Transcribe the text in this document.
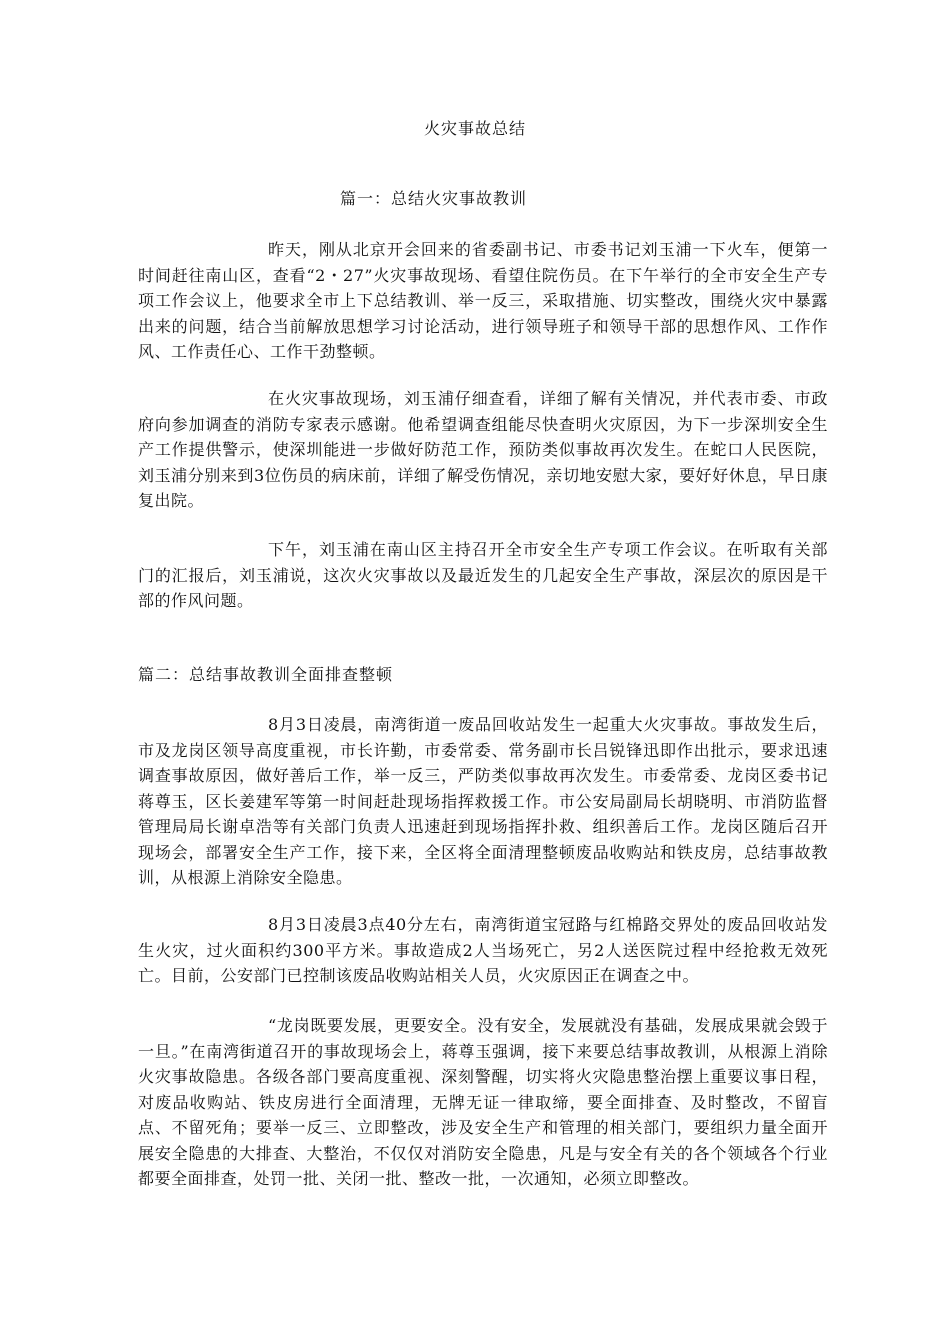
火灾事故总结
篇一：总结火灾事故教训

昨天，刚从北京开会回来的省委副书记、市委书记刘玉浦一下火车，便第一时间赶往南山区，查看“2・27”火灾事故现场、看望住院伤员。在下午举行的全市安全生产专项工作会议上，他要求全市上下总结教训、举一反三，采取措施、切实整改，围绕火灾中暴露出来的问题，结合当前解放思想学习讨论活动，进行领导班子和领导干部的思想作风、工作作风、工作责任心、工作干劲整顿。

在火灾事故现场，刘玉浦仔细查看，详细了解有关情况，并代表市委、市政府向参加调查的消防专家表示感谢。他希望调查组能尽快查明火灾原因，为下一步深圳安全生产工作提供警示，使深圳能进一步做好防范工作，预防类似事故再次发生。在蛇口人民医院，刘玉浦分别来到3位伤员的病床前，详细了解受伤情况，亲切地安慰大家，要好好休息，早日康复出院。

下午，刘玉浦在南山区主持召开全市安全生产专项工作会议。在听取有关部门的汇报后，刘玉浦说，这次火灾事故以及最近发生的几起安全生产事故，深层次的原因是干部的作风问题。

篇二：总结事故教训全面排查整顿

8月3日凌晨，南湾街道一废品回收站发生一起重大火灾事故。事故发生后，市及龙岗区领导高度重视，市长许勤，市委常委、常务副市长吕锐锋迅即作出批示，要求迅速调查事故原因，做好善后工作，举一反三，严防类似事故再次发生。市委常委、龙岗区委书记蒋尊玉，区长姜建军等第一时间赶赴现场指挥救援工作。市公安局副局长胡晓明、市消防监督管理局局长谢卓浩等有关部门负责人迅速赶到现场指挥扑救、组织善后工作。龙岗区随后召开现场会，部署安全生产工作，接下来，全区将全面清理整顿废品收购站和铁皮房，总结事故教训，从根源上消除安全隐患。

8月3日凌晨3点40分左右，南湾街道宝冠路与红棉路交界处的废品回收站发生火灾，过火面积约300平方米。事故造成2人当场死亡，另2人送医院过程中经抢救无效死亡。目前，公安部门已控制该废品收购站相关人员，火灾原因正在调查之中。

“龙岗既要发展，更要安全。没有安全，发展就没有基础，发展成果就会毁于一旦。”在南湾街道召开的事故现场会上，蒋尊玉强调，接下来要总结事故教训，从根源上消除火灾事故隐患。各级各部门要高度重视、深刻警醒，切实将火灾隐患整治摆上重要议事日程，对废品收购站、铁皮房进行全面清理，无牌无证一律取缔，要全面排查、及时整改，不留盲点、不留死角；要举一反三、立即整改，涉及安全生产和管理的相关部门，要组织力量全面开展安全隐患的大排查、大整治，不仅仅对消防安全隐患，凡是与安全有关的各个领域各个行业都要全面排查，处罚一批、关闭一批、整改一批，一次通知，必须立即整改。
